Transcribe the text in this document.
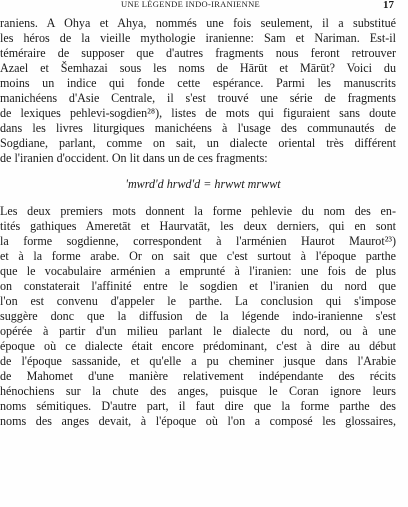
UNE LÉGENDE INDO-IRANIENNE	17
raniens. A Ohya et Ahya, nommés une fois seulement, il a substitué
les héros de la vieille mythologie iranienne: Sam et Nariman. Est-il
téméraire de supposer que d'autres fragments nous feront retrouver
Azael et Šemhazai sous les noms de Hārūt et Mārūt? Voici du
moins un indice qui fonde cette espérance. Parmi les manuscrits
manichéens d'Asie Centrale, il s'est trouvé une série de fragments
de lexiques pehlevi-sogdien²⁸), listes de mots qui figuraient sans doute
dans les livres liturgiques manichéens à l'usage des communautés de
Sogdiane, parlant, comme on sait, un dialecte oriental très différent
de l'iranien d'occident. On lit dans un de ces fragments:
'mwrd'd hrwd'd = hrwwt mrwwt
Les deux premiers mots donnent la forme pehlevie du nom des en-
tités gathiques Ameretāt et Haurvatāt, les deux derniers, qui en sont
la forme sogdienne, correspondent à l'arménien Haurot Maurot²³)
et à la forme arabe. Or on sait que c'est surtout à l'époque parthe
que le vocabulaire arménien a emprunté à l'iranien: une fois de plus
on constaterait l'affinité entre le sogdien et l'iranien du nord que
l'on est convenu d'appeler le parthe. La conclusion qui s'impose
suggère donc que la diffusion de la légende indo-iranienne s'est
opérée à partir d'un milieu parlant le dialecte du nord, ou à une
époque où ce dialecte était encore prédominant, c'est à dire au début
de l'époque sassanide, et qu'elle a pu cheminer jusque dans l'Arabie
de Mahomet d'une manière relativement indépendante des récits
hénochiens sur la chute des anges, puisque le Coran ignore leurs
noms sémitiques. D'autre part, il faut dire que la forme parthe des
noms des anges devait, à l'époque où l'on a composé les glossaires,
